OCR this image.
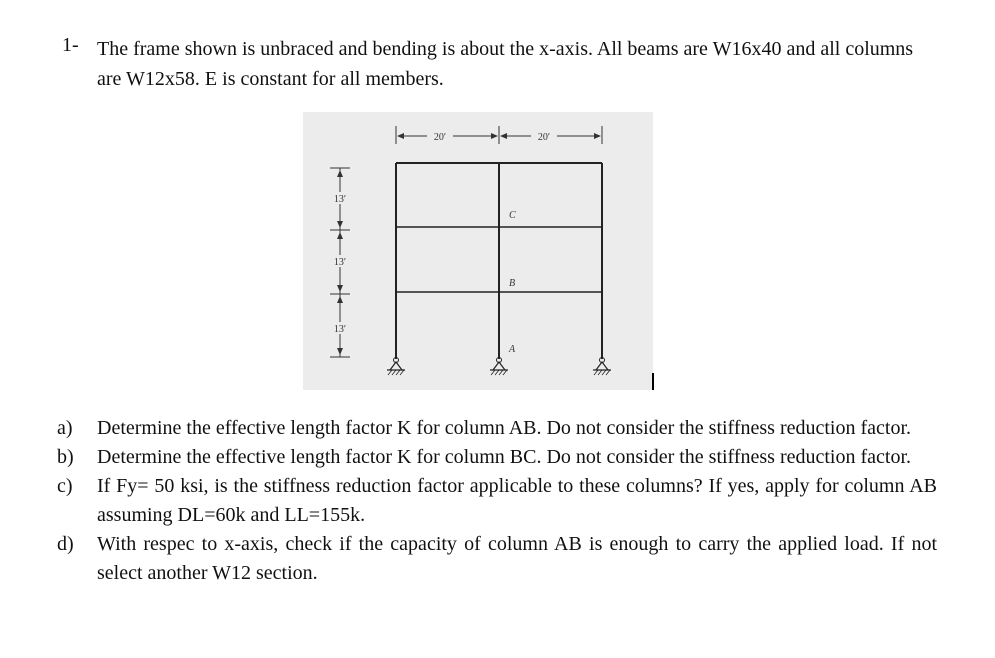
1- The frame shown is unbraced and bending is about the x-axis. All beams are W16x40 and all columns are W12x58. E is constant for all members.
20′	20′
13′
13′
13′
C
B
A
a) Determine the effective length factor K for column AB. Do not consider the stiffness reduction factor.
b) Determine the effective length factor K for column BC. Do not consider the stiffness reduction factor.
c) If Fy= 50 ksi, is the stiffness reduction factor applicable to these columns? If yes, apply for column AB assuming DL=60k and LL=155k.
d) With respec to x-axis, check if the capacity of column AB is enough to carry the applied load. If not select another W12 section.
